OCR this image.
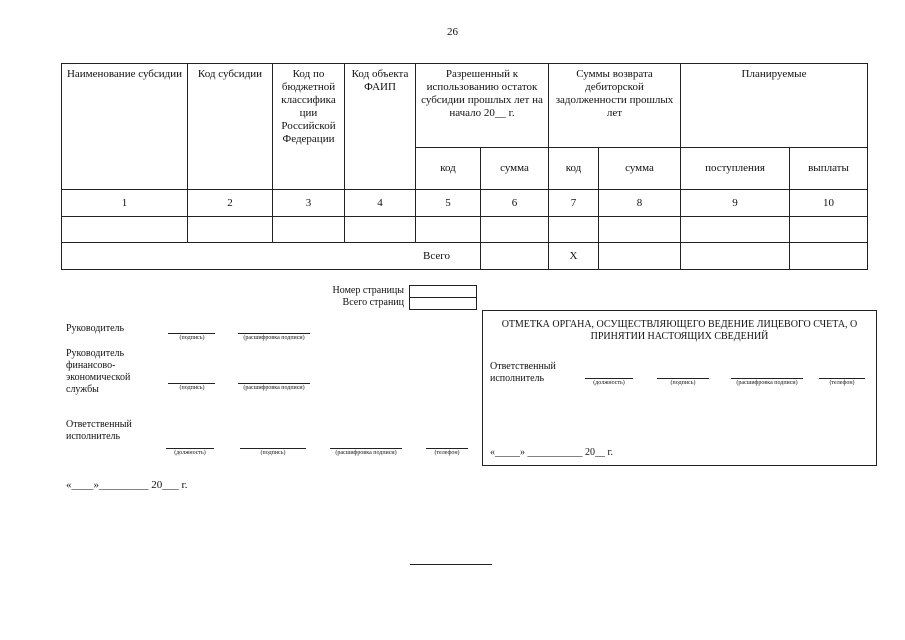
26
Наименование субсидии	Код субсидии	Код по бюджетной классифика ции Российской Федерации	Код объекта ФАИП	Разрешенный к использованию остаток субсидии прошлых лет на начало 20__ г.		Суммы возврата дебиторской задолженности прошлых лет		Планируемые	
				код	сумма	код	сумма	поступления	выплаты
1	2	3	4	5	6	7	8	9	10

Всего						X			
Номер страницы
Всего страниц
Руководитель
(подпись)	(расшифровка подписи)
Руководитель финансово-экономической службы	(подпись)	(расшифровка подписи)
Ответственный исполнитель
(должность)	(подпись)	(расшифровка подписи)	(телефон)
«____»_________ 20___ г.
ОТМЕТКА ОРГАНА, ОСУЩЕСТВЛЯЮЩЕГО ВЕДЕНИЕ ЛИЦЕВОГО СЧЕТА, О ПРИНЯТИИ НАСТОЯЩИХ СВЕДЕНИЙ
Ответственный исполнитель	(должность)	(подпись)	(расшифровка подписи)	(телефон)
«_____» ___________ 20__ г.
